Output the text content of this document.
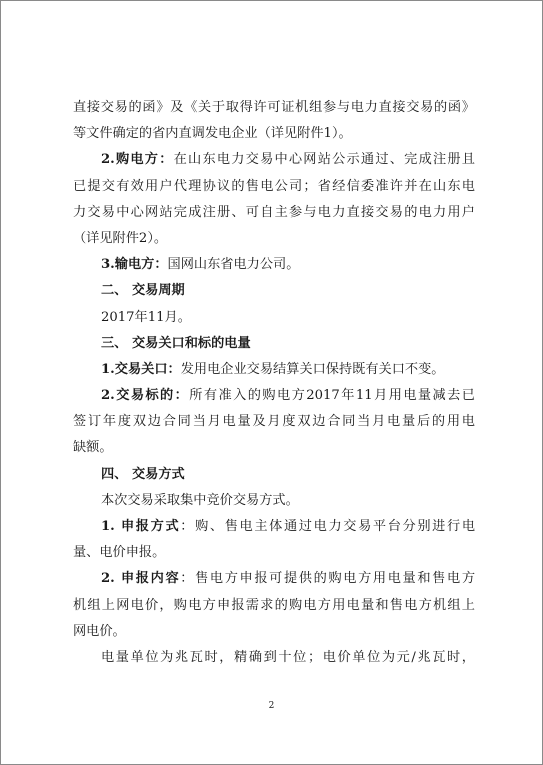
直接交易的函》及《关于取得许可证机组参与电力直接交易的函》
等文件确定的省内直调发电企业（详见附件1）。
2.购电方：在山东电力交易中心网站公示通过、完成注册且
已提交有效用户代理协议的售电公司；省经信委准许并在山东电
力交易中心网站完成注册、可自主参与电力直接交易的电力用户
（详见附件2）。
3.输电方：国网山东省电力公司。
二、 交易周期
2017年11月。
三、 交易关口和标的电量
1.交易关口：发用电企业交易结算关口保持既有关口不变。
2.交易标的：所有准入的购电方2017年11月用电量减去已
签订年度双边合同当月电量及月度双边合同当月电量后的用电
缺额。
四、 交易方式
本次交易采取集中竞价交易方式。
1. 申报方式：购、售电主体通过电力交易平台分别进行电
量、电价申报。
2. 申报内容：售电方申报可提供的购电方用电量和售电方
机组上网电价，购电方申报需求的购电方用电量和售电方机组上
网电价。
电量单位为兆瓦时，精确到十位；电价单位为元/兆瓦时，
2
